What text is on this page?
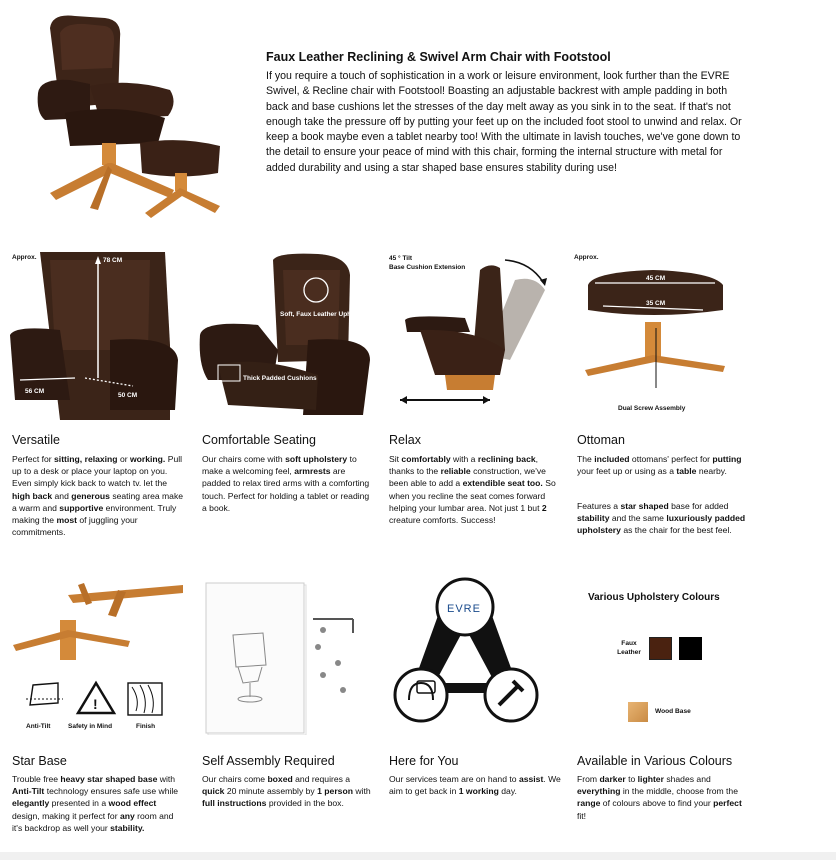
Faux Leather Reclining & Swivel Arm Chair with Footstool
If you require a touch of sophistication in a work or leisure environment, look further than the EVRE Swivel, & Recline chair with Footstool! Boasting an adjustable backrest with ample padding in both back and base cushions let the stresses of the day melt away as you sink in to the seat. If that's not enough take the pressure off by putting your feet up on the included foot stool to unwind and relax. Or keep a book maybe even a tablet nearby too! With the ultimate in lavish touches, we've gone down to the detail to ensure your peace of mind with this chair, forming the internal structure with metal for added durability and using a star shaped base ensures stability during use!
Approx.	78 CM
56 CM
50 CM
Versatile
Perfect for sitting, relaxing or working. Pull up to a desk or place your laptop on you. Even simply kick back to watch tv. let the high back and generous seating area make a warm and supportive environment. Truly making the most of juggling your commitments.
Soft, Faux Leather Upholstery
Thick Padded Cushions
Comfortable Seating
Our chairs come with soft upholstery to make a welcoming feel, armrests are padded to relax tired arms with a comforting touch. Perfect for holding a tablet or reading a book.
45 ° Tilt
Base Cushion Extension
Relax
Sit comfortably with a reclining back, thanks to the reliable construction, we've been able to add a extendible seat too. So when you recline the seat comes forward helping your lumbar area. Not just 1 but 2 creature comforts. Success!
Approx.
45 CM
35 CM
Dual Screw Assembly
Ottoman
The included ottomans' perfect for putting your feet up or using as a table nearby.
Features a star shaped base for added stability and the same luxuriously padded upholstery as the chair for the best feel.
!
Anti-Tilt	Safety in Mind	Finish
Star Base
Trouble free heavy star shaped base with Anti-Tilt technology ensures safe use while elegantly presented in a wood effect design, making it perfect for any room and it's backdrop as well your stability.
Self Assembly Required
Our chairs come boxed and requires a quick 20 minute assembly by 1 person with full instructions provided in the box.
EVRE
Here for You
Our services team are on hand to assist. We aim to get back in 1 working day.
Various Upholstery Colours
Faux Leather
Wood Base
Available in Various Colours
From darker to lighter shades and everything in the middle, choose from the range of colours above to find your perfect fit!
